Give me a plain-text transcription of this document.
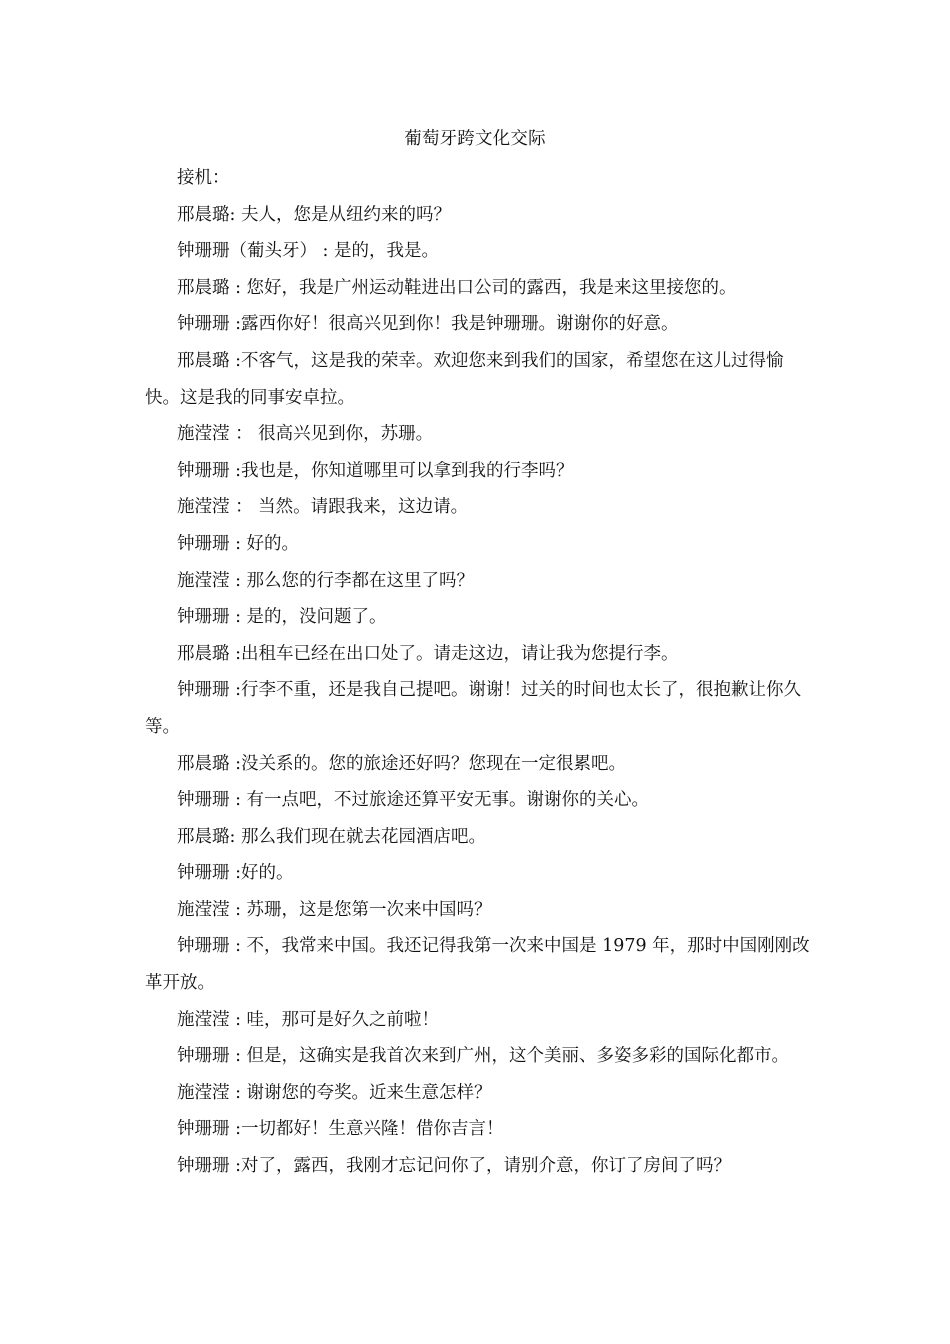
葡萄牙跨文化交际

接机：

邢晨璐: 夫人，您是从纽约来的吗？

钟珊珊（葡头牙） : 是的，我是。

邢晨璐 : 您好，我是广州运动鞋进出口公司的露西，我是来这里接您的。

钟珊珊 :露西你好！很高兴见到你！我是钟珊珊。谢谢你的好意。

邢晨璐 :不客气，这是我的荣幸。欢迎您来到我们的国家，希望您在这儿过得愉快。这是我的同事安卓拉。

施滢滢 ： 很高兴见到你，苏珊。

钟珊珊 :我也是，你知道哪里可以拿到我的行李吗？

施滢滢 ： 当然。请跟我来，这边请。

钟珊珊 : 好的。

施滢滢 : 那么您的行李都在这里了吗？

钟珊珊 : 是的，没问题了。

邢晨璐 :出租车已经在出口处了。请走这边，请让我为您提行李。

钟珊珊 :行李不重，还是我自己提吧。谢谢！过关的时间也太长了，很抱歉让你久等。

邢晨璐 :没关系的。您的旅途还好吗？您现在一定很累吧。

钟珊珊 : 有一点吧，不过旅途还算平安无事。谢谢你的关心。

邢晨璐: 那么我们现在就去花园酒店吧。

钟珊珊 :好的。

施滢滢 : 苏珊，这是您第一次来中国吗？

钟珊珊 : 不，我常来中国。我还记得我第一次来中国是 1979 年，那时中国刚刚改革开放。

施滢滢 : 哇，那可是好久之前啦！

钟珊珊 : 但是，这确实是我首次来到广州，这个美丽、多姿多彩的国际化都市。

施滢滢 : 谢谢您的夸奖。近来生意怎样？

钟珊珊 :一切都好！生意兴隆！借你吉言！

钟珊珊 :对了，露西，我刚才忘记问你了，请别介意，你订了房间了吗？
